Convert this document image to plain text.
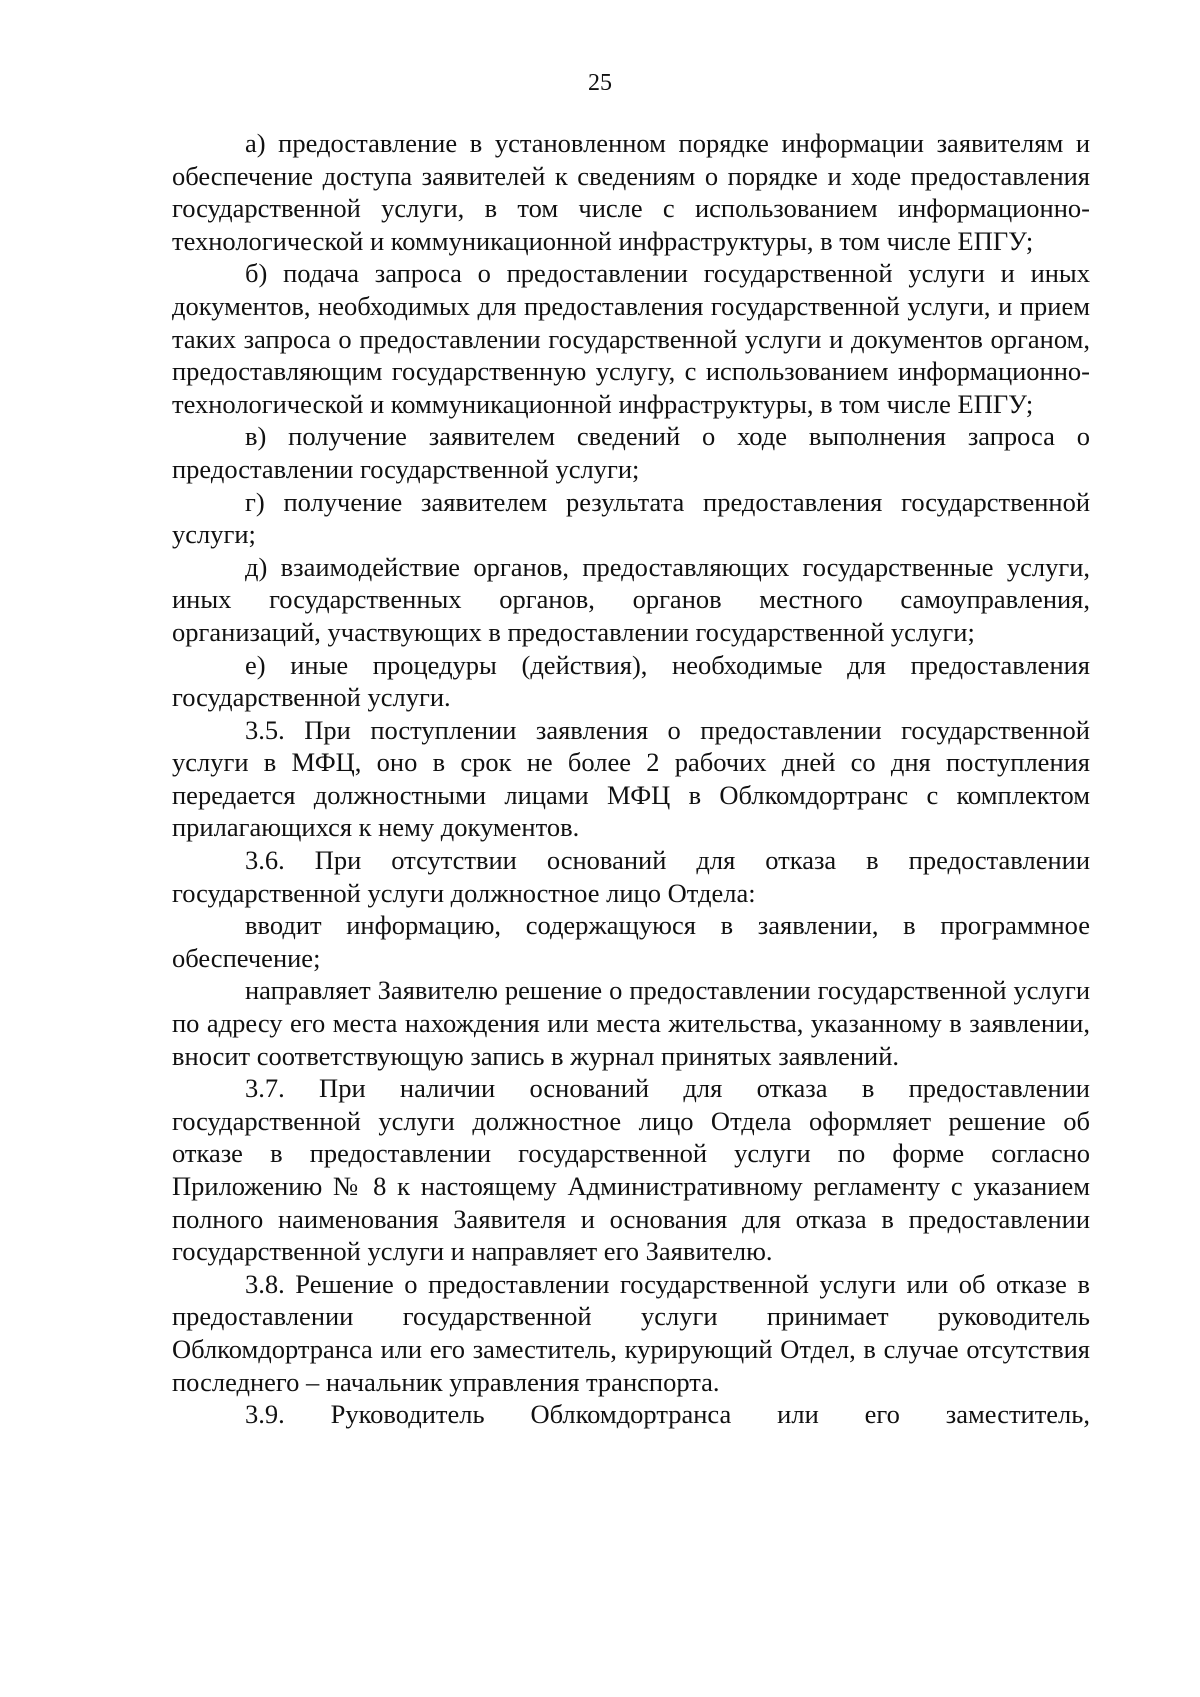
25

а) предоставление в установленном порядке информации заявителям и обеспечение доступа заявителей к сведениям о порядке и ходе предоставления государственной услуги, в том числе с использованием информационно-технологической и коммуникационной инфраструктуры, в том числе ЕПГУ;

б) подача запроса о предоставлении государственной услуги и иных документов, необходимых для предоставления государственной услуги, и прием таких запроса о предоставлении государственной услуги и документов органом, предоставляющим государственную услугу, с использованием информационно-технологической и коммуникационной инфраструктуры, в том числе ЕПГУ;

в) получение заявителем сведений о ходе выполнения запроса о предоставлении государственной услуги;

г) получение заявителем результата предоставления государственной услуги;

д) взаимодействие органов, предоставляющих государственные услуги, иных государственных органов, органов местного самоуправления, организаций, участвующих в предоставлении государственной услуги;

е) иные процедуры (действия), необходимые для предоставления государственной услуги.

3.5. При поступлении заявления о предоставлении государственной услуги в МФЦ, оно в срок не более 2 рабочих дней со дня поступления передается должностными лицами МФЦ в Облкомдортранс с комплектом прилагающихся к нему документов.

3.6. При отсутствии оснований для отказа в предоставлении государственной услуги должностное лицо Отдела:

вводит информацию, содержащуюся в заявлении, в программное обеспечение;

направляет Заявителю решение о предоставлении государственной услуги по адресу его места нахождения или места жительства, указанному в заявлении, вносит соответствующую запись в журнал принятых заявлений.

3.7. При наличии оснований для отказа в предоставлении государственной услуги должностное лицо Отдела оформляет решение об отказе в предоставлении государственной услуги по форме согласно Приложению № 8 к настоящему Административному регламенту с указанием полного наименования Заявителя и основания для отказа в предоставлении государственной услуги и направляет его Заявителю.

3.8. Решение о предоставлении государственной услуги или об отказе в предоставлении государственной услуги принимает руководитель Облкомдортранса или его заместитель, курирующий Отдел, в случае отсутствия последнего – начальник управления транспорта.

3.9. Руководитель Облкомдортранса или его заместитель,
